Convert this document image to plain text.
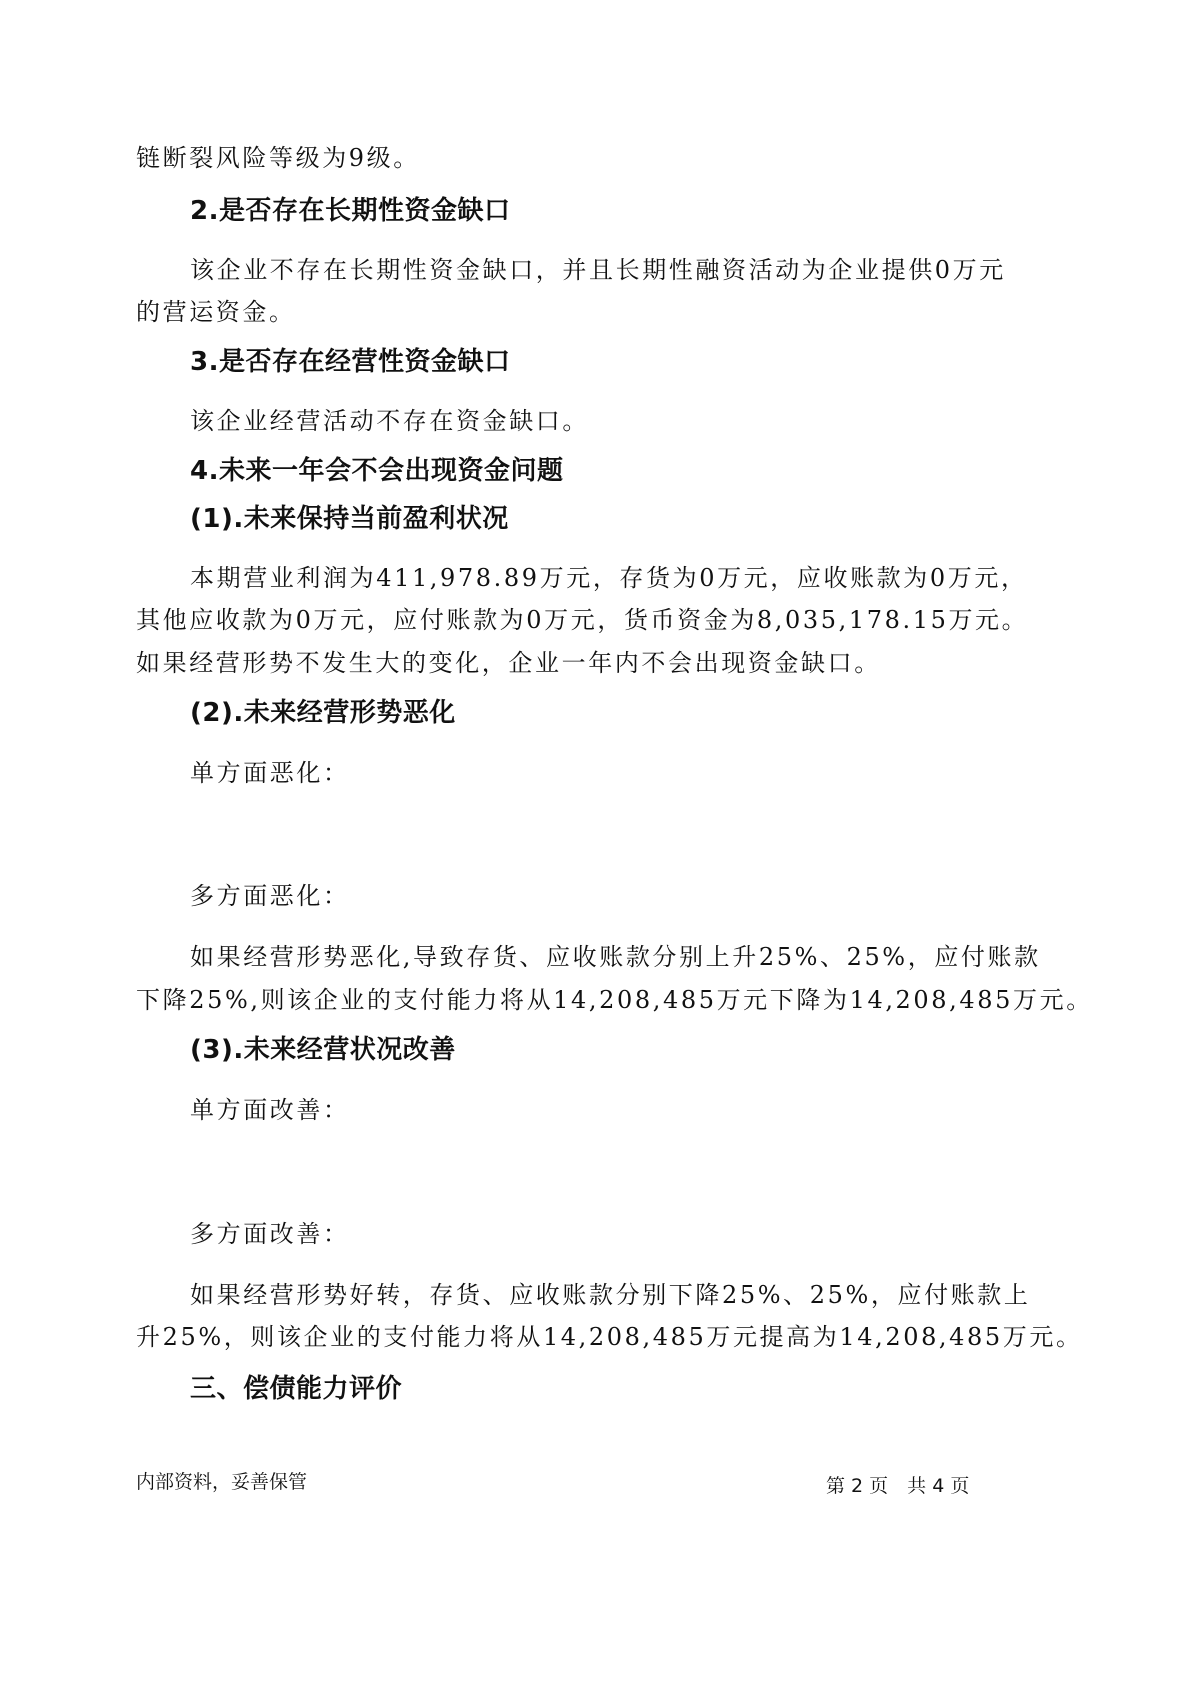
链断裂风险等级为9级。
2.是否存在长期性资金缺口
该企业不存在长期性资金缺口，并且长期性融资活动为企业提供0万元
的营运资金。
3.是否存在经营性资金缺口
该企业经营活动不存在资金缺口。
4.未来一年会不会出现资金问题
(1).未来保持当前盈利状况
本期营业利润为411,978.89万元，存货为0万元，应收账款为0万元，
其他应收款为0万元，应付账款为0万元，货币资金为8,035,178.15万元。
如果经营形势不发生大的变化，企业一年内不会出现资金缺口。
(2).未来经营形势恶化
单方面恶化：
多方面恶化：
如果经营形势恶化,导致存货、应收账款分别上升25%、25%，应付账款
下降25%,则该企业的支付能力将从14,208,485万元下降为14,208,485万元。
(3).未来经营状况改善
单方面改善：
多方面改善：
如果经营形势好转，存货、应收账款分别下降25%、25%，应付账款上
升25%，则该企业的支付能力将从14,208,485万元提高为14,208,485万元。
三、偿债能力评价
内部资料，妥善保管	第 2 页　共 4 页
